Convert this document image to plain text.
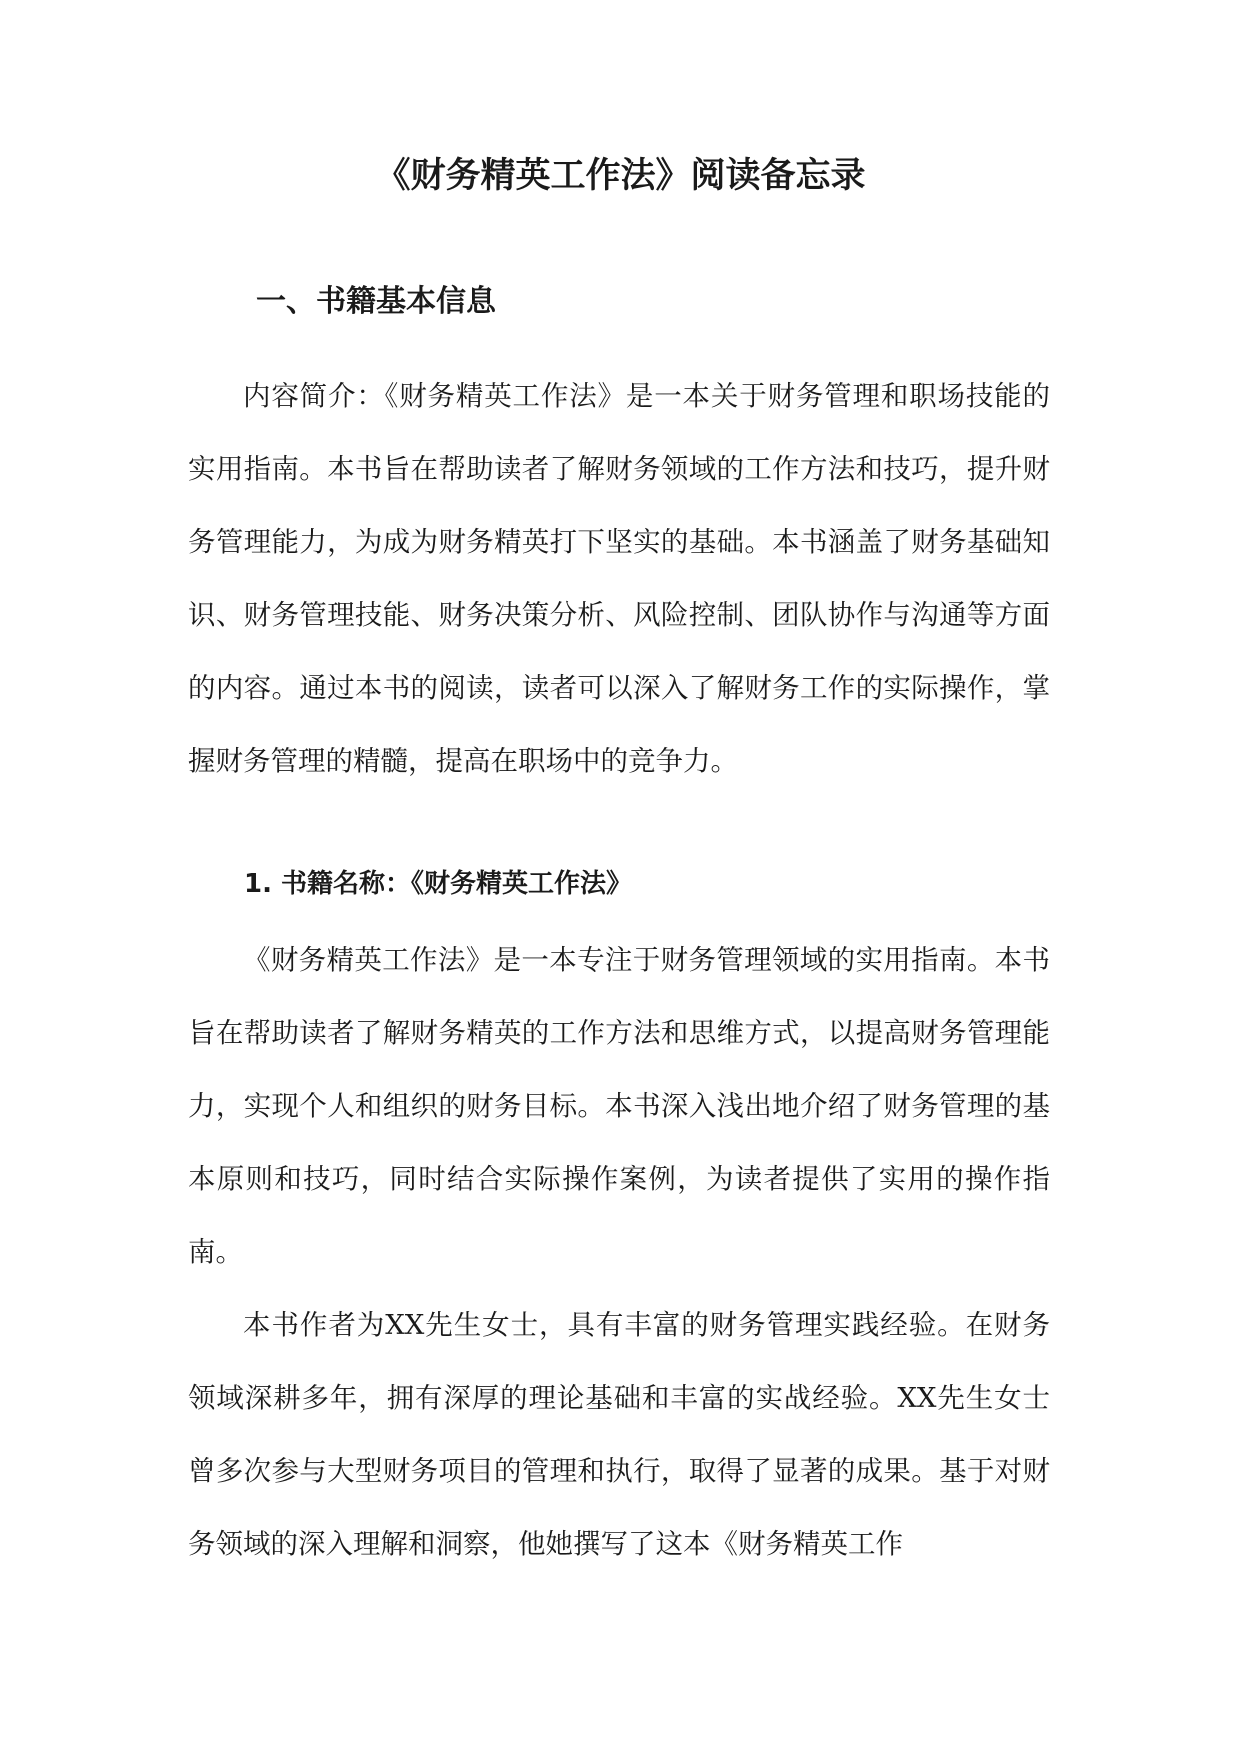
《财务精英工作法》阅读备忘录
一、书籍基本信息

内容简介：《财务精英工作法》是一本关于财务管理和职场技能的实用指南。本书旨在帮助读者了解财务领域的工作方法和技巧，提升财务管理能力，为成为财务精英打下坚实的基础。本书涵盖了财务基础知识、财务管理技能、财务决策分析、风险控制、团队协作与沟通等方面的内容。通过本书的阅读，读者可以深入了解财务工作的实际操作，掌握财务管理的精髓，提高在职场中的竞争力。

1. 书籍名称：《财务精英工作法》

《财务精英工作法》是一本专注于财务管理领域的实用指南。本书旨在帮助读者了解财务精英的工作方法和思维方式，以提高财务管理能力，实现个人和组织的财务目标。本书深入浅出地介绍了财务管理的基本原则和技巧，同时结合实际操作案例，为读者提供了实用的操作指南。

本书作者为XX先生女士，具有丰富的财务管理实践经验。在财务领域深耕多年，拥有深厚的理论基础和丰富的实战经验。XX先生女士曾多次参与大型财务项目的管理和执行，取得了显著的成果。基于对财务领域的深入理解和洞察，他她撰写了这本《财务精英工作
